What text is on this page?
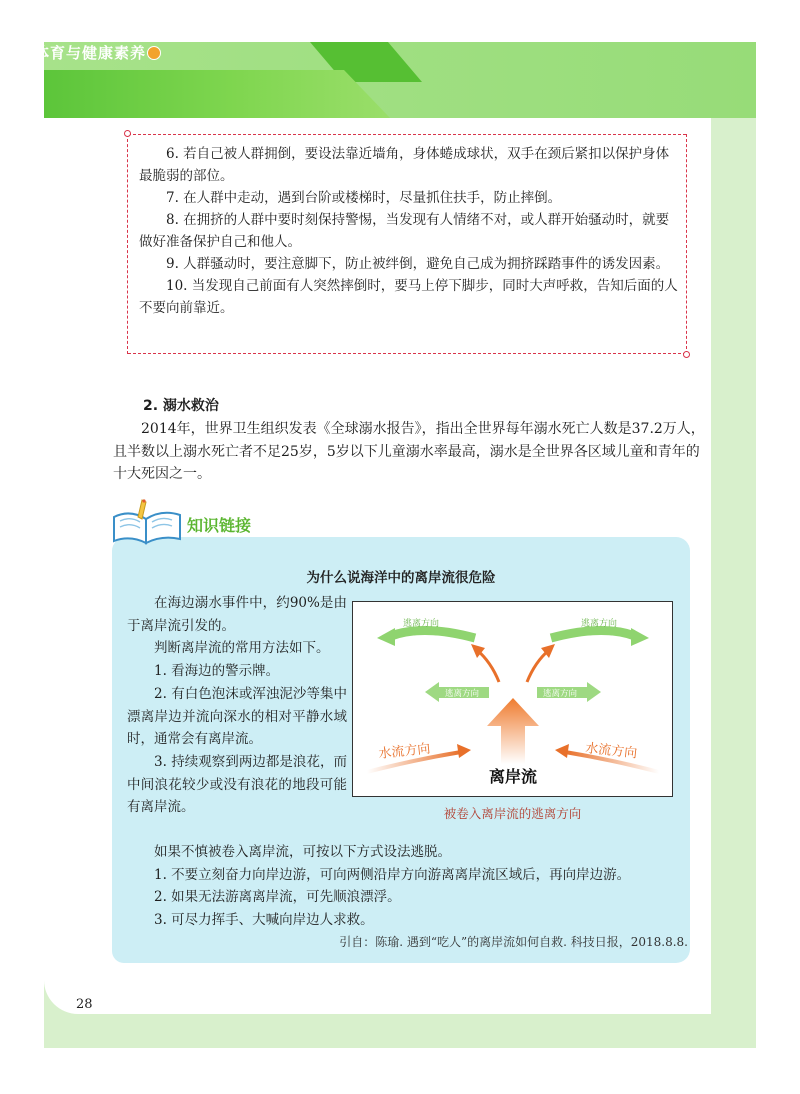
体育与健康素养

6. 若自己被人群拥倒，要设法靠近墙角，身体蜷成球状，双手在颈后紧扣以保护身体最脆弱的部位。

7. 在人群中走动，遇到台阶或楼梯时，尽量抓住扶手，防止摔倒。

8. 在拥挤的人群中要时刻保持警惕，当发现有人情绪不对，或人群开始骚动时，就要做好准备保护自己和他人。

9. 人群骚动时，要注意脚下，防止被绊倒，避免自己成为拥挤踩踏事件的诱发因素。

10. 当发现自己前面有人突然摔倒时，要马上停下脚步，同时大声呼救，告知后面的人不要向前靠近。

2. 溺水救治
2014年，世界卫生组织发表《全球溺水报告》，指出全世界每年溺水死亡人数是37.2万人，且半数以上溺水死亡者不足25岁，5岁以下儿童溺水率最高，溺水是全世界各区域儿童和青年的十大死因之一。
知识链接
为什么说海洋中的离岸流很危险

在海边溺水事件中，约90%是由于离岸流引发的。

判断离岸流的常用方法如下。

1. 看海边的警示牌。

2. 有白色泡沫或浑浊泥沙等集中漂离岸边并流向深水的相对平静水域时，通常会有离岸流。

3. 持续观察到两边都是浪花，而中间浪花较少或没有浪花的地段可能有离岸流。

逃离方向	逃离方向
逃离方向	逃离方向
水流方向	水流方向
离岸流
被卷入离岸流的逃离方向

如果不慎被卷入离岸流，可按以下方式设法逃脱。

1. 不要立刻奋力向岸边游，可向两侧沿岸方向游离离岸流区域后，再向岸边游。

2. 如果无法游离离岸流，可先顺浪漂浮。

3. 可尽力挥手、大喊向岸边人求救。

引自：陈瑜. 遇到“吃人”的离岸流如何自救. 科技日报，2018.8.8.
28
